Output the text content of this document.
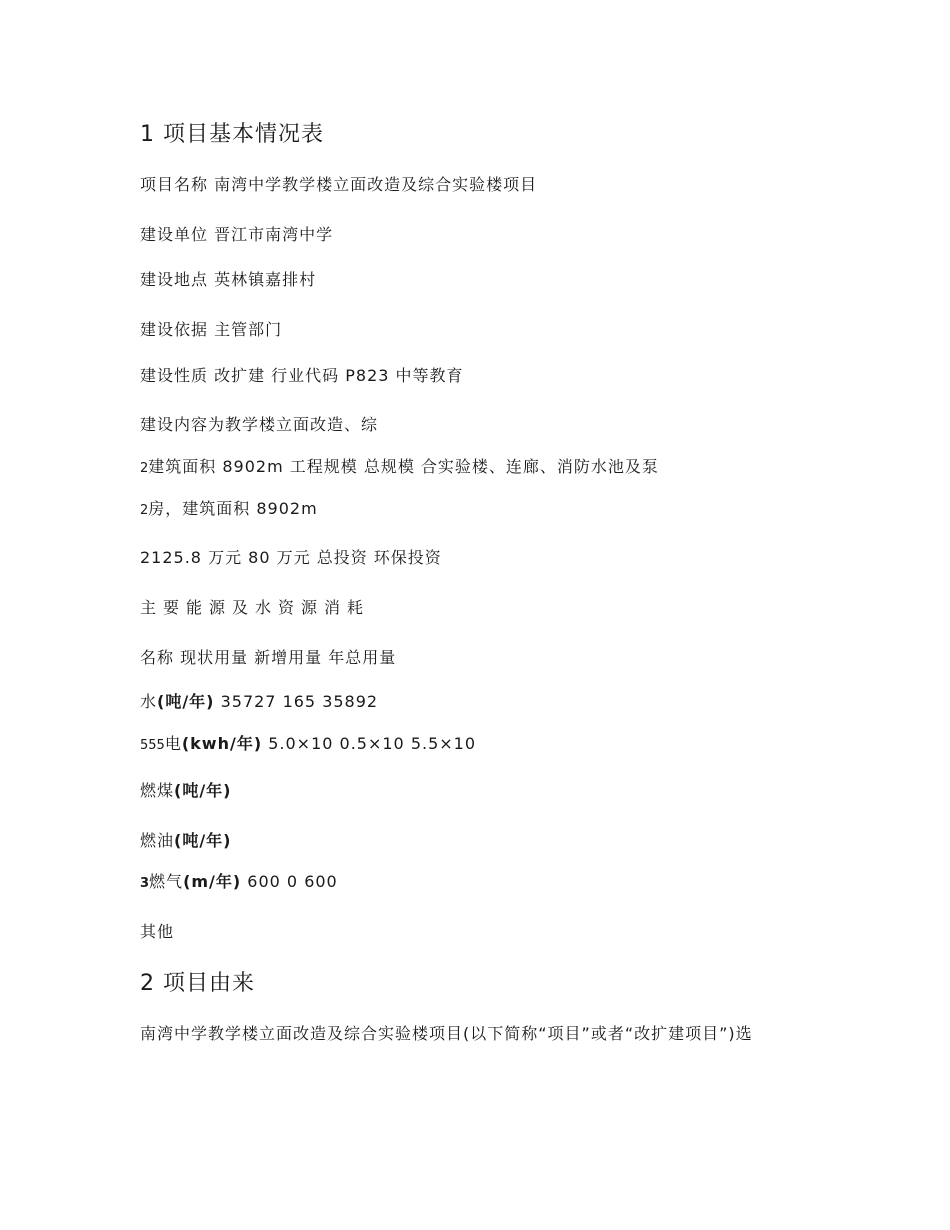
1 项目基本情况表
项目名称 南湾中学教学楼立面改造及综合实验楼项目
建设单位 晋江市南湾中学
建设地点 英林镇嘉排村
建设依据 主管部门
建设性质 改扩建 行业代码 P823 中等教育
建设内容为教学楼立面改造、综
2建筑面积 8902m 工程规模 总规模 合实验楼、连廊、消防水池及泵
2房，建筑面积 8902m
2125.8 万元 80 万元 总投资 环保投资
主要能源及水资源消耗
名称 现状用量 新增用量 年总用量
水(吨/年) 35727 165 35892
555电(kwh/年) 5.0×10 0.5×10 5.5×10
燃煤(吨/年)
燃油(吨/年)
3燃气(m/年) 600 0 600
其他
2 项目由来
南湾中学教学楼立面改造及综合实验楼项目(以下简称“项目”或者“改扩建项目”)选
